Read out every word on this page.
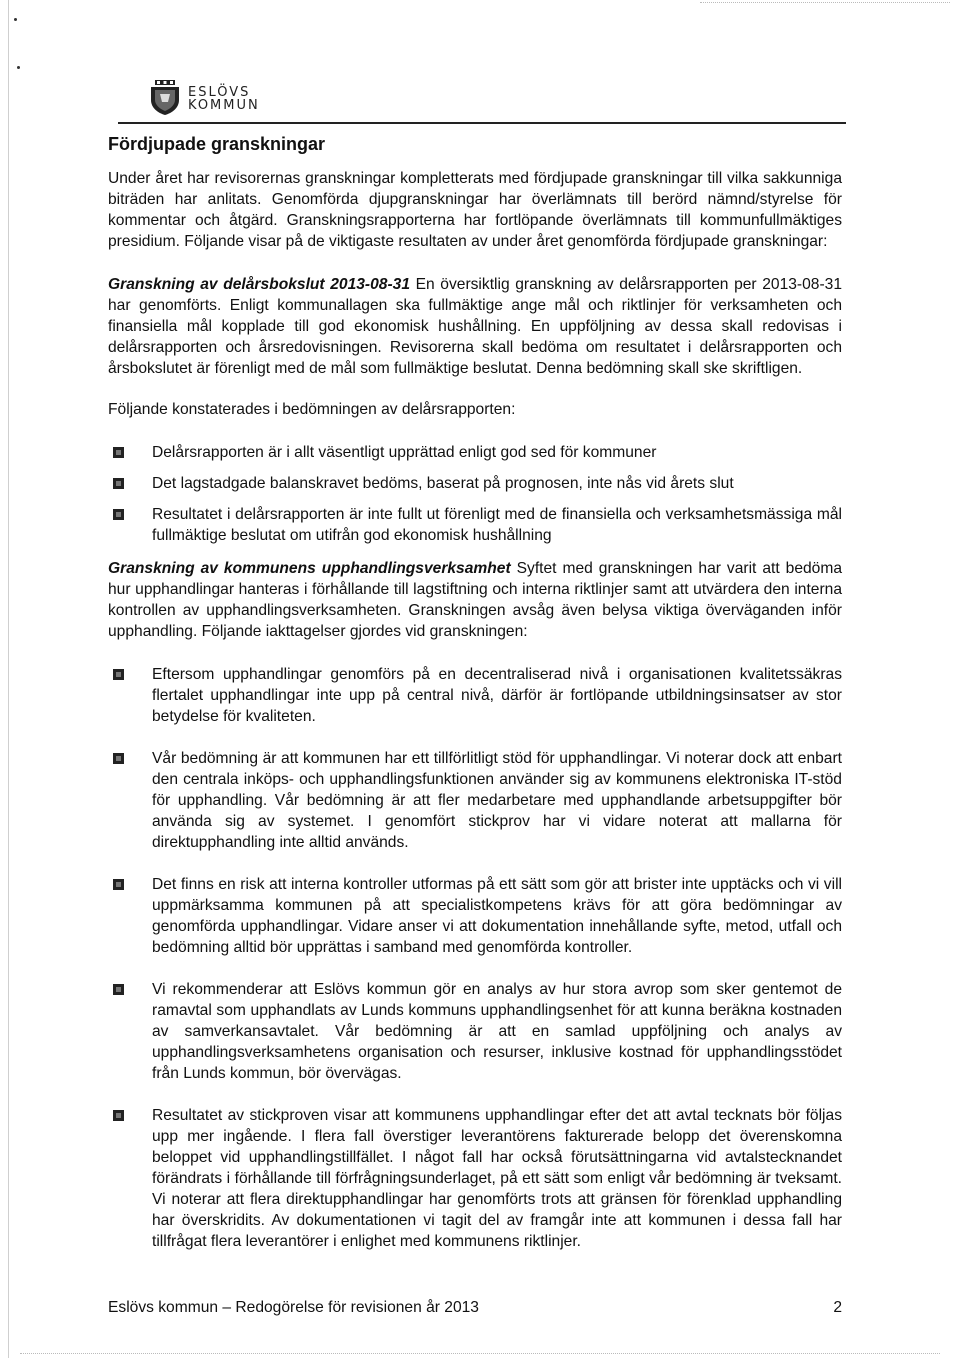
ESLÖVS
KOMMUN
Fördjupade granskningar

Under året har revisorernas granskningar kompletterats med fördjupade granskningar till vilka sakkunniga biträden har anlitats. Genomförda djupgranskningar har överlämnats till berörd nämnd/styrelse för kommentar och åtgärd. Granskningsrapporterna har fortlöpande överlämnats till kommunfullmäktiges presidium. Följande visar på de viktigaste resultaten av under året genomförda fördjupade granskningar:

Granskning av delårsbokslut 2013-08-31 En översiktlig granskning av delårsrapporten per 2013-08-31 har genomförts. Enligt kommunallagen ska fullmäktige ange mål och riktlinjer för verksamheten och finansiella mål kopplade till god ekonomisk hushållning. En uppföljning av dessa skall redovisas i delårsrapporten och årsredovisningen. Revisorerna skall bedöma om resultatet i delårsrapporten och årsbokslutet är förenligt med de mål som fullmäktige beslutat. Denna bedömning skall ske skriftligen.

Följande konstaterades i bedömningen av delårsrapporten:

Delårsrapporten är i allt väsentligt upprättad enligt god sed för kommuner
Det lagstadgade balanskravet bedöms, baserat på prognosen, inte nås vid årets slut
Resultatet i delårsrapporten är inte fullt ut förenligt med de finansiella och verksamhetsmässiga mål fullmäktige beslutat om utifrån god ekonomisk hushållning

Granskning av kommunens upphandlingsverksamhet Syftet med granskningen har varit att bedöma hur upphandlingar hanteras i förhållande till lagstiftning och interna riktlinjer samt att utvärdera den interna kontrollen av upphandlingsverksamheten. Granskningen avsåg även belysa viktiga överväganden inför upphandling. Följande iakttagelser gjordes vid granskningen:

Eftersom upphandlingar genomförs på en decentraliserad nivå i organisationen kvalitetssäkras flertalet upphandlingar inte upp på central nivå, därför är fortlöpande utbildningsinsatser av stor betydelse för kvaliteten.
Vår bedömning är att kommunen har ett tillförlitligt stöd för upphandlingar. Vi noterar dock att enbart den centrala inköps- och upphandlingsfunktionen använder sig av kommunens elektroniska IT-stöd för upphandling. Vår bedömning är att fler medarbetare med upphandlande arbetsuppgifter bör använda sig av systemet. I genomfört stickprov har vi vidare noterat att mallarna för direktupphandling inte alltid används.
Det finns en risk att interna kontroller utformas på ett sätt som gör att brister inte upptäcks och vi vill uppmärksamma kommunen på att specialistkompetens krävs för att göra bedömningar av genomförda upphandlingar. Vidare anser vi att dokumentation innehållande syfte, metod, utfall och bedömning alltid bör upprättas i samband med genomförda kontroller.
Vi rekommenderar att Eslövs kommun gör en analys av hur stora avrop som sker gentemot de ramavtal som upphandlats av Lunds kommuns upphandlingsenhet för att kunna beräkna kostnaden av samverkansavtalet. Vår bedömning är att en samlad uppföljning och analys av upphandlingsverksamhetens organisation och resurser, inklusive kostnad för upphandlingsstödet från Lunds kommun, bör övervägas.
Resultatet av stickproven visar att kommunens upphandlingar efter det att avtal tecknats bör följas upp mer ingående. I flera fall överstiger leverantörens fakturerade belopp det överenskomna beloppet vid upphandlingstillfället. I något fall har också förutsättningarna vid avtalstecknandet förändrats i förhållande till förfrågningsunderlaget, på ett sätt som enligt vår bedömning är tveksamt. Vi noterar att flera direktupphandlingar har genomförts trots att gränsen för förenklad upphandling har överskridits. Av dokumentationen vi tagit del av framgår inte att kommunen i dessa fall har tillfrågat flera leverantörer i enlighet med kommunens riktlinjer.
Eslövs kommun – Redogörelse för revisionen år 2013	2
